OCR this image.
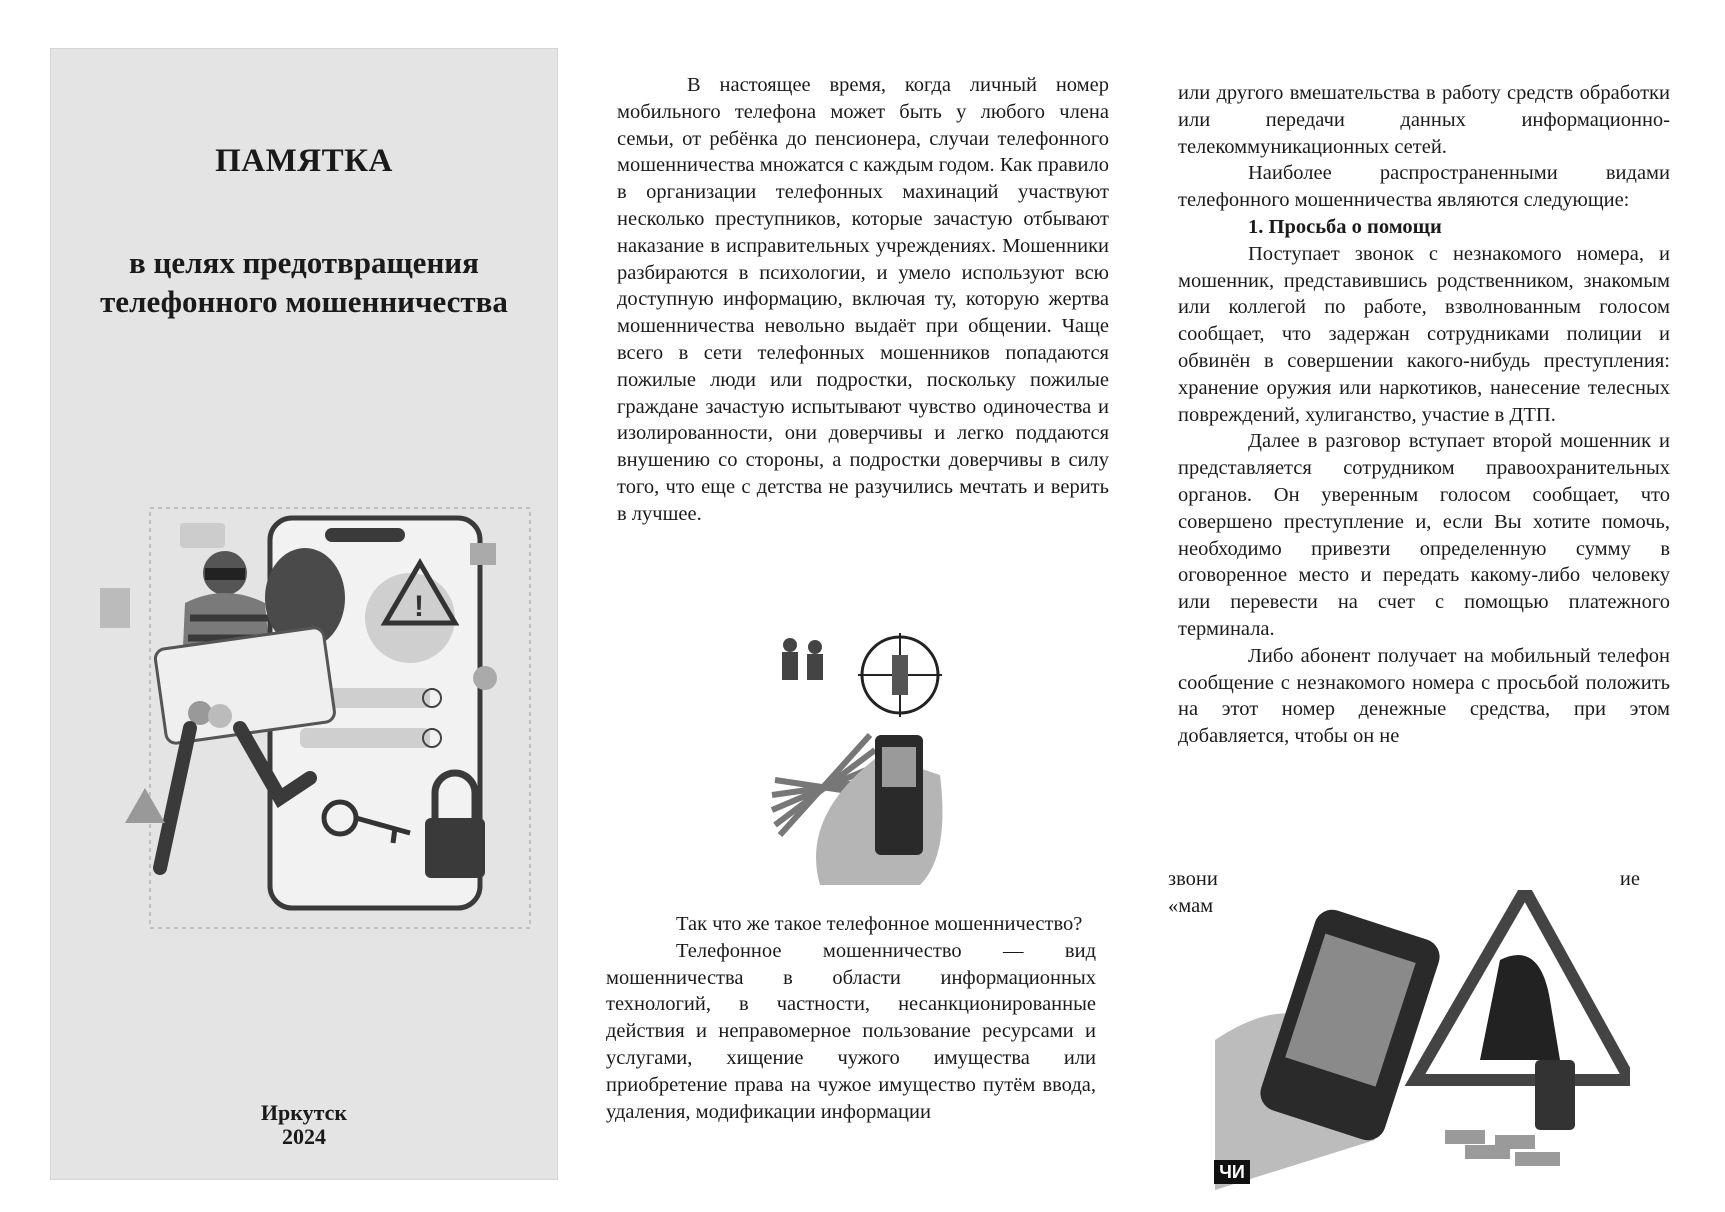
ПАМЯТКА
в целях предотвращения
телефонного мошенничества
!
Иркутск
2024

В настоящее время, когда личный номер мобильного телефона может быть у любого члена семьи, от ребёнка до пенсионера, случаи телефонного мошенничества множатся с каждым годом. Как правило в организации телефонных махинаций участвуют несколько преступников, которые зачастую отбывают наказание в исправительных учреждениях. Мошенники разбираются в психологии, и умело используют всю доступную информацию, включая ту, которую жертва мошенничества невольно выдаёт при общении. Чаще всего в сети телефонных мошенников попадаются пожилые люди или подростки, поскольку пожилые граждане зачастую испытывают чувство одиночества и изолированности, они доверчивы и легко поддаются внушению со стороны, а подростки доверчивы в силу того, что еще с детства не разучились мечтать и верить в лучшее.

Так что же такое телефонное мошенничество?

Телефонное мошенничество — вид мошенничества в области информационных технологий, в частности, несанкционированные действия и неправомерное пользование ресурсами и услугами, хищение чужого имущества или приобретение права на чужое имущество путём ввода, удаления, модификации информации

или другого вмешательства в работу средств обработки или передачи данных информационно-телекоммуникационных сетей.

Наиболее распространенными видами телефонного мошенничества являются следующие:

1. Просьба о помощи

Поступает звонок с незнакомого номера, и мошенник, представившись родственником, знакомым или коллегой по работе, взволнованным голосом сообщает, что задержан сотрудниками полиции и обвинён в совершении какого-нибудь преступления: хранение оружия или наркотиков, нанесение телесных повреждений, хулиганство, участие в ДТП.

Далее в разговор вступает второй мошенник и представляется сотрудником правоохранительных органов. Он уверенным голосом сообщает, что совершено преступление и, если Вы хотите помочь, необходимо привезти определенную сумму в оговоренное место и передать какому-либо человеку или перевести на счет с помощью платежного терминала.

Либо абонент получает на мобильный телефон сообщение с незнакомого номера с просьбой положить на этот номер денежные средства, при этом добавляется, чтобы он не

звони	ие
«мам
ЧИ
